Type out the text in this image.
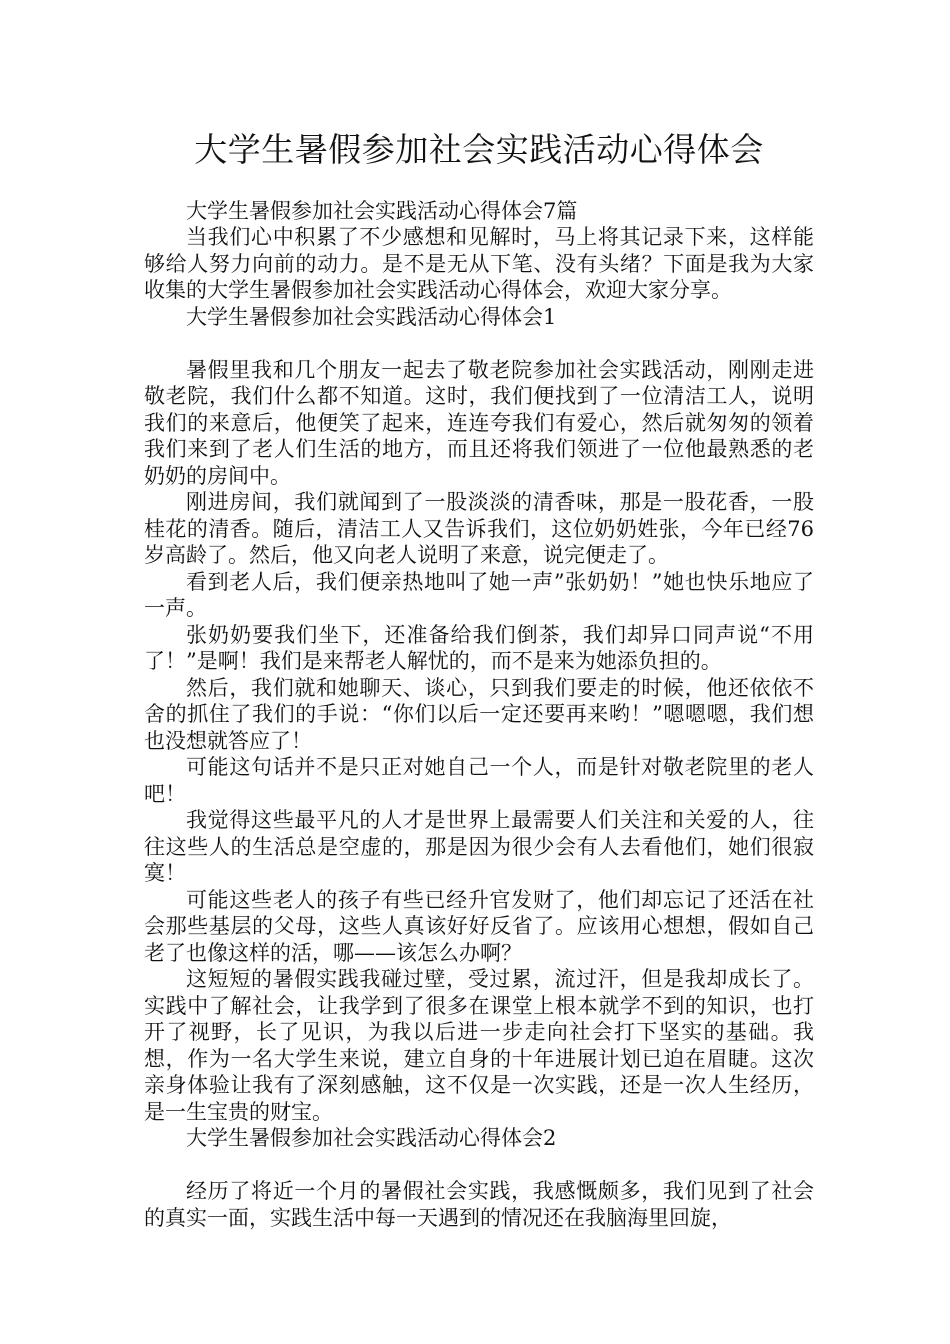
大学生暑假参加社会实践活动心得体会

大学生暑假参加社会实践活动心得体会7篇

当我们心中积累了不少感想和见解时，马上将其记录下来，这样能够给人努力向前的动力。是不是无从下笔、没有头绪？下面是我为大家收集的大学生暑假参加社会实践活动心得体会，欢迎大家分享。

大学生暑假参加社会实践活动心得体会1

暑假里我和几个朋友一起去了敬老院参加社会实践活动，刚刚走进敬老院，我们什么都不知道。这时，我们便找到了一位清洁工人，说明我们的来意后，他便笑了起来，连连夸我们有爱心，然后就匆匆的领着我们来到了老人们生活的地方，而且还将我们领进了一位他最熟悉的老奶奶的房间中。

刚进房间，我们就闻到了一股淡淡的清香味，那是一股花香，一股桂花的清香。随后，清洁工人又告诉我们，这位奶奶姓张，今年已经76岁高龄了。然后，他又向老人说明了来意，说完便走了。

看到老人后，我们便亲热地叫了她一声”张奶奶！”她也快乐地应了一声。

张奶奶要我们坐下，还准备给我们倒茶，我们却异口同声说“不用了！”是啊！我们是来帮老人解忧的，而不是来为她添负担的。

然后，我们就和她聊天、谈心，只到我们要走的时候，他还依依不舍的抓住了我们的手说：“你们以后一定还要再来哟！”嗯嗯嗯，我们想也没想就答应了！

可能这句话并不是只正对她自己一个人，而是针对敬老院里的老人吧！

我觉得这些最平凡的人才是世界上最需要人们关注和关爱的人，往往这些人的生活总是空虚的，那是因为很少会有人去看他们，她们很寂寞！

可能这些老人的孩子有些已经升官发财了，他们却忘记了还活在社会那些基层的父母，这些人真该好好反省了。应该用心想想，假如自己老了也像这样的活，哪——该怎么办啊？

这短短的暑假实践我碰过壁，受过累，流过汗，但是我却成长了。实践中了解社会，让我学到了很多在课堂上根本就学不到的知识，也打开了视野，长了见识，为我以后进一步走向社会打下坚实的基础。我想，作为一名大学生来说，建立自身的十年进展计划已迫在眉睫。这次亲身体验让我有了深刻感触，这不仅是一次实践，还是一次人生经历，是一生宝贵的财宝。

大学生暑假参加社会实践活动心得体会2

经历了将近一个月的暑假社会实践，我感慨颇多，我们见到了社会的真实一面，实践生活中每一天遇到的情况还在我脑海里回旋，
